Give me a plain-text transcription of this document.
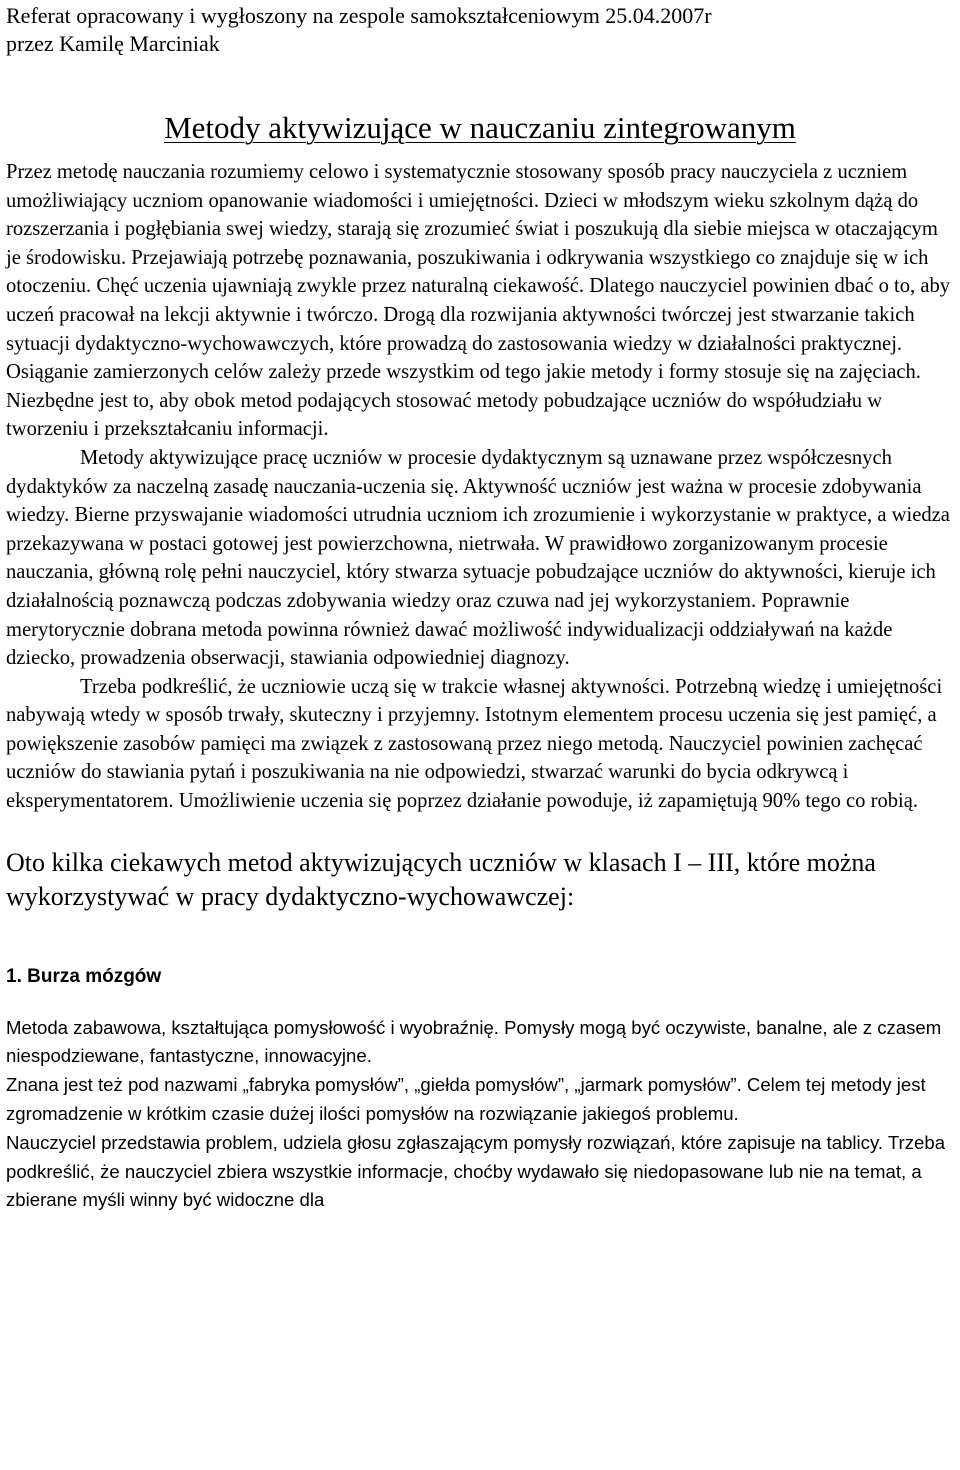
Referat opracowany i wygłoszony na zespole samokształceniowym 25.04.2007r

przez Kamilę Marciniak

Metody aktywizujące w nauczaniu zintegrowanym

Przez metodę nauczania rozumiemy celowo i systematycznie stosowany sposób pracy nauczyciela z uczniem umożliwiający uczniom opanowanie wiadomości i umiejętności. Dzieci w młodszym wieku szkolnym dążą do rozszerzania i pogłębiania swej wiedzy, starają się zrozumieć świat i poszukują dla siebie miejsca w otaczającym je środowisku. Przejawiają potrzebę poznawania, poszukiwania i odkrywania wszystkiego co znajduje się w ich otoczeniu. Chęć uczenia ujawniają zwykle przez naturalną ciekawość. Dlatego nauczyciel powinien dbać o to, aby uczeń pracował na lekcji aktywnie i twórczo. Drogą dla rozwijania aktywności twórczej jest stwarzanie takich sytuacji dydaktyczno-wychowawczych, które prowadzą do zastosowania wiedzy w działalności praktycznej. Osiąganie zamierzonych celów zależy przede wszystkim od tego jakie metody i formy stosuje się na zajęciach. Niezbędne jest to, aby obok metod podających stosować metody pobudzające uczniów do współudziału w tworzeniu i przekształcaniu informacji.

Metody aktywizujące pracę uczniów w procesie dydaktycznym są uznawane przez współczesnych dydaktyków za naczelną zasadę nauczania-uczenia się. Aktywność uczniów jest ważna w procesie zdobywania wiedzy. Bierne przyswajanie wiadomości utrudnia uczniom ich zrozumienie i wykorzystanie w praktyce, a wiedza przekazywana w postaci gotowej jest powierzchowna, nietrwała. W prawidłowo zorganizowanym procesie nauczania, główną rolę pełni nauczyciel, który stwarza sytuacje pobudzające uczniów do aktywności, kieruje ich działalnością poznawczą podczas zdobywania wiedzy oraz czuwa nad jej wykorzystaniem. Poprawnie merytorycznie dobrana metoda powinna również dawać możliwość indywidualizacji oddziaływań na każde dziecko, prowadzenia obserwacji, stawiania odpowiedniej diagnozy.

Trzeba podkreślić, że uczniowie uczą się w trakcie własnej aktywności. Potrzebną wiedzę i umiejętności nabywają wtedy w sposób trwały, skuteczny i przyjemny. Istotnym elementem procesu uczenia się jest pamięć, a powiększenie zasobów pamięci ma związek z zastosowaną przez niego metodą. Nauczyciel powinien zachęcać uczniów do stawiania pytań i poszukiwania na nie odpowiedzi, stwarzać warunki do bycia odkrywcą i eksperymentatorem. Umożliwienie uczenia się poprzez działanie powoduje, iż zapamiętują 90% tego co robią.

Oto kilka ciekawych metod aktywizujących uczniów w klasach I – III, które można wykorzystywać w pracy dydaktyczno-wychowawczej:
1. Burza mózgów

Metoda zabawowa, kształtująca pomysłowość i wyobraźnię. Pomysły mogą być oczywiste, banalne, ale z czasem niespodziewane, fantastyczne, innowacyjne.

Znana jest też pod nazwami „fabryka pomysłów”, „giełda pomysłów”, „jarmark pomysłów”. Celem tej metody jest zgromadzenie w krótkim czasie dużej ilości pomysłów na rozwiązanie jakiegoś problemu.

Nauczyciel przedstawia problem, udziela głosu zgłaszającym pomysły rozwiązań, które zapisuje na tablicy. Trzeba podkreślić, że nauczyciel zbiera wszystkie informacje, choćby wydawało się niedopasowane lub nie na temat, a zbierane myśli winny być widoczne dla
